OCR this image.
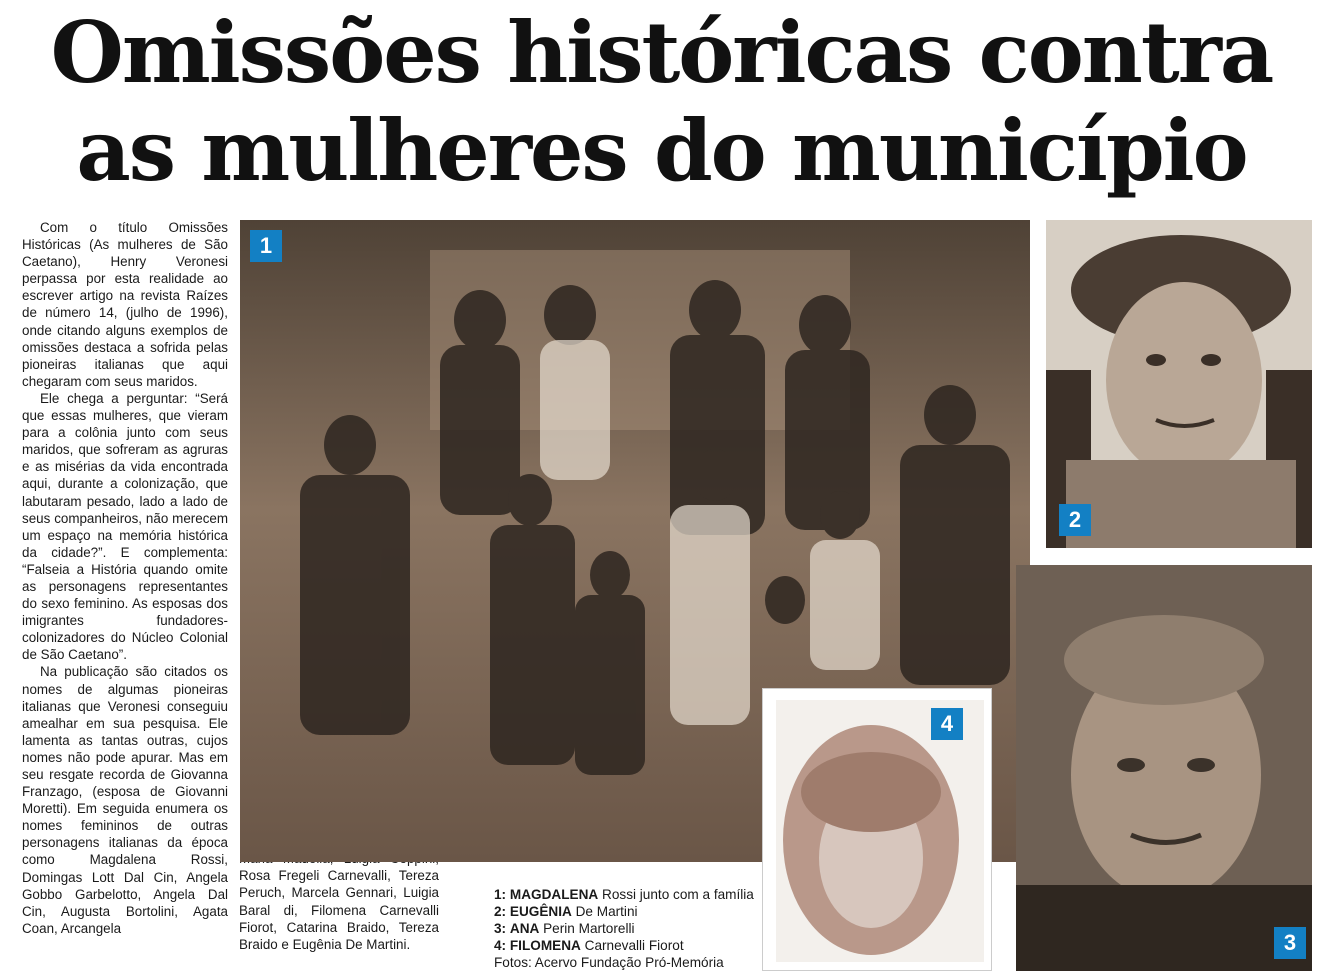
Omissões históricas contra
as mulheres do município

Com o título Omissões Históricas (As mulheres de São Caetano), Henry Veronesi perpassa por esta realidade ao escrever artigo na revista Raízes de número 14, (julho de 1996), onde citando alguns exemplos de omissões destaca a sofrida pelas pioneiras italianas que aqui chegaram com seus maridos.

Ele chega a perguntar: “Será que essas mulheres, que vieram para a colônia junto com seus maridos, que sofreram as agruras e as misérias da vida encontrada aqui, durante a colonização, que labutaram pesado, lado a lado de seus companheiros, não merecem um espaço na memória histórica da cidade?”. E complementa: “Falseia a História quando omite as personagens representantes do sexo feminino. As esposas dos imigrantes fundadores-colonizadores do Núcleo Colonial de São Caetano”.

Na publicação são citados os nomes de algumas pioneiras italianas que Veronesi conseguiu amealhar em sua pesquisa. Ele lamenta as tantas outras, cujos nomes não pode apurar. Mas em seu resgate recorda de Giovanna Franzago, (esposa de Giovanni Moretti). Em seguida enumera os nomes femininos de outras personagens italianas da época como Magdalena Rossi, Domingas Lott Dal Cin, Angela Gobbo Garbelotto, Angela Dal Cin, Augusta Bortolini, Agata Coan, Arcangela

Rosa Fregeli Carnevalli, Tereza Peruch, Marcela Gennari, Luigia Baral di, Filomena Carnevalli Fiorot, Catarina Braido, Tereza Braido e Eugênia De Martini.

1
2
3
4
1: MAGDALENA Rossi junto com a família
2: EUGÊNIA De Martini
3: ANA Perin Martorelli
4: FILOMENA Carnevalli Fiorot
Fotos: Acervo Fundação Pró-Memória
